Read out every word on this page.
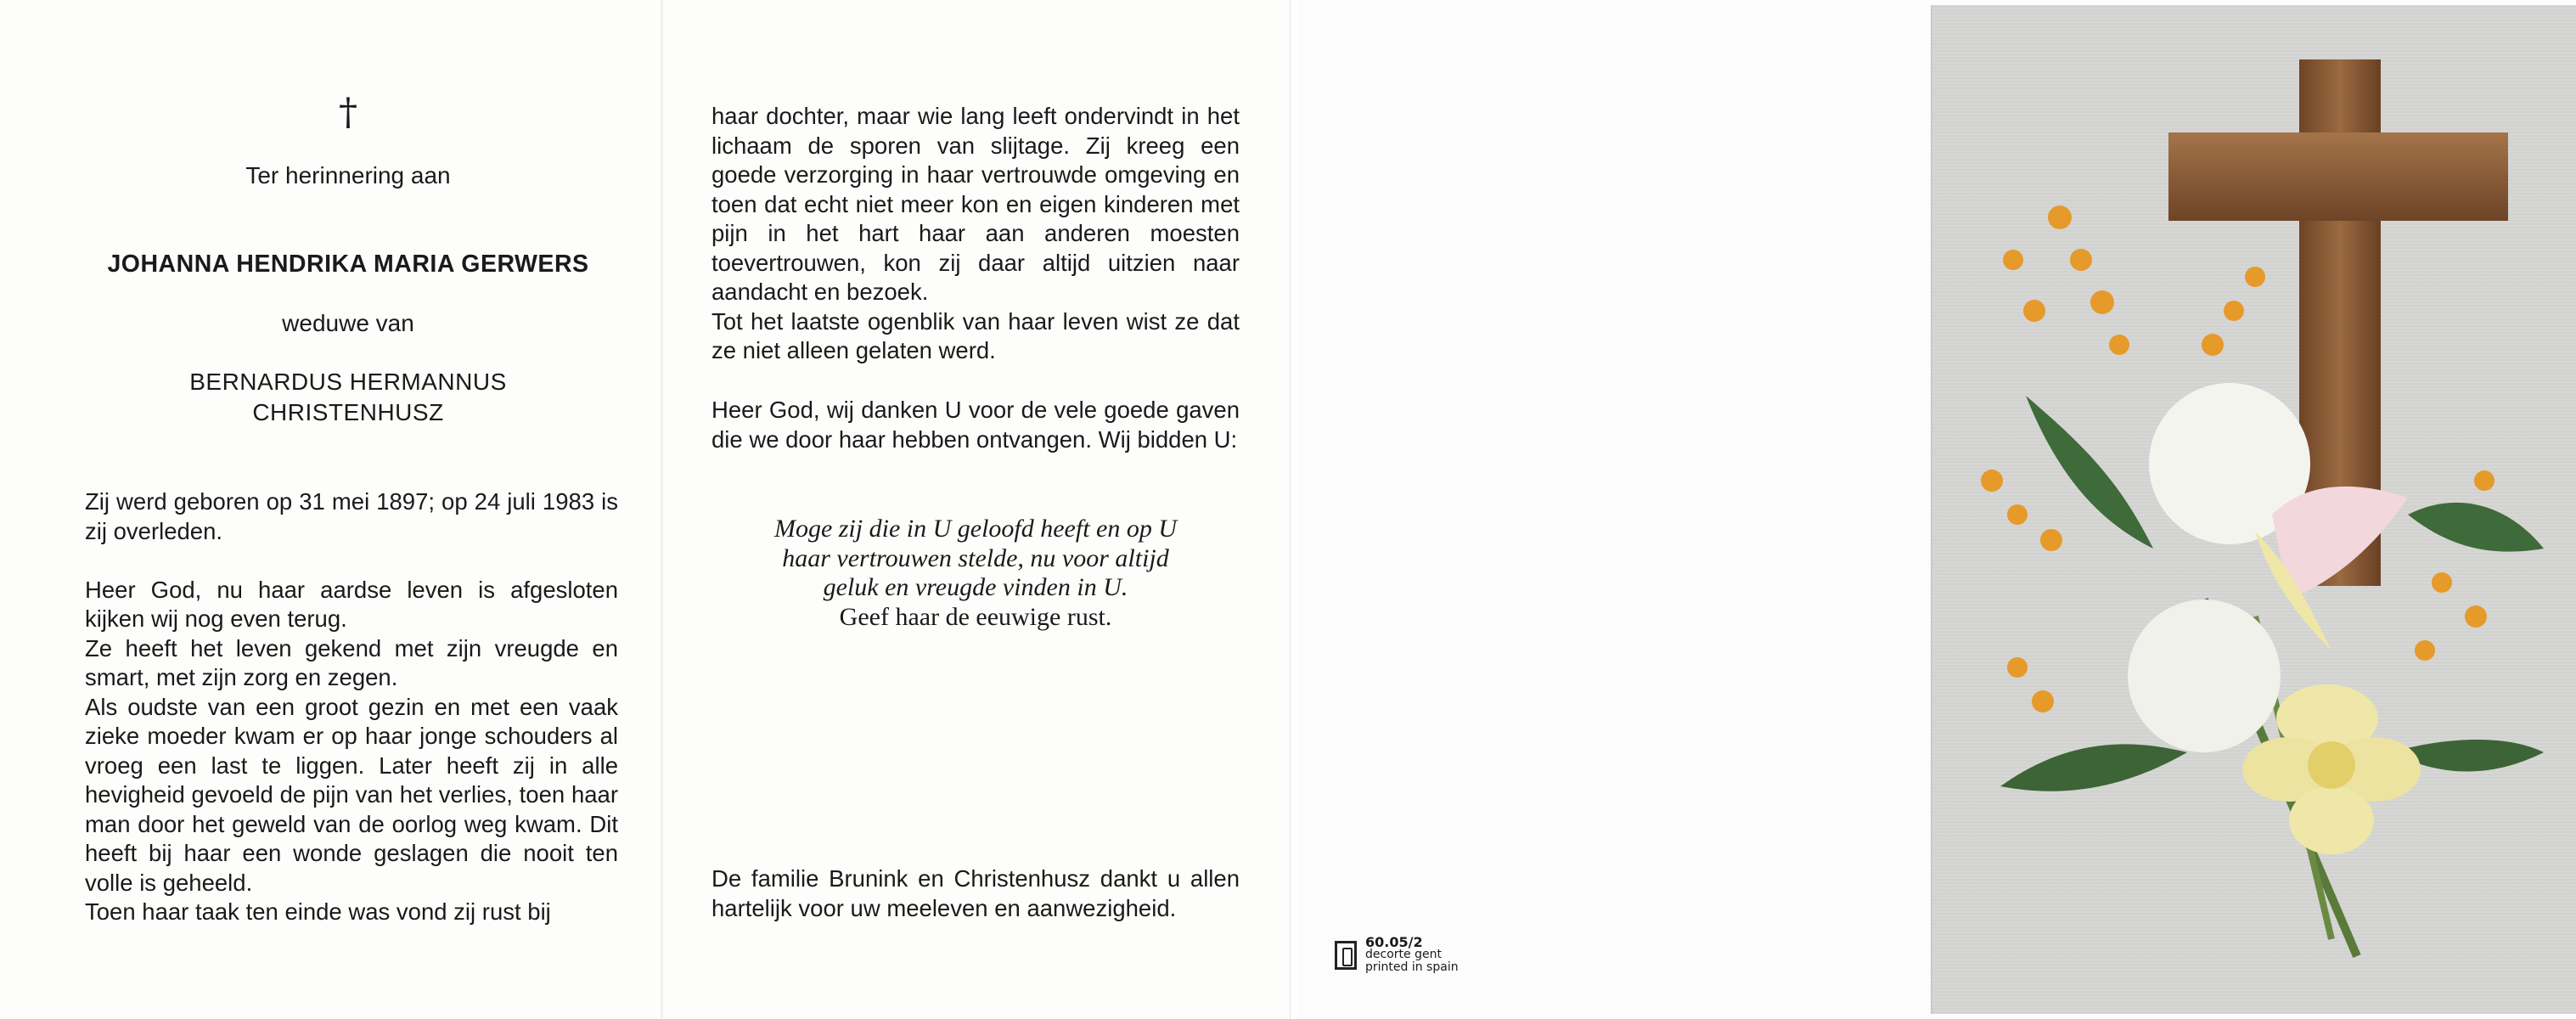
†

Ter herinnering aan

JOHANNA HENDRIKA MARIA GERWERS

weduwe van

BERNARDUS HERMANNUS
CHRISTENHUSZ

Zij werd geboren op 31 mei 1897; op 24 juli 1983 is zij overleden.

Heer God, nu haar aardse leven is afgesloten kijken wij nog even terug.

Ze heeft het leven gekend met zijn vreugde en smart, met zijn zorg en zegen.

Als oudste van een groot gezin en met een vaak zieke moeder kwam er op haar jonge schouders al vroeg een last te liggen. Later heeft zij in alle hevigheid gevoeld de pijn van het verlies, toen haar man door het geweld van de oorlog weg kwam. Dit heeft bij haar een wonde geslagen die nooit ten volle is geheeld.

Toen haar taak ten einde was vond zij rust bij

haar dochter, maar wie lang leeft ondervindt in het lichaam de sporen van slijtage. Zij kreeg een goede verzorging in haar vertrouwde omgeving en toen dat echt niet meer kon en eigen kinderen met pijn in het hart haar aan anderen moesten toevertrouwen, kon zij daar altijd uitzien naar aandacht en bezoek.

Tot het laatste ogenblik van haar leven wist ze dat ze niet alleen gelaten werd.

Heer God, wij danken U voor de vele goede gaven die we door haar hebben ontvangen. Wij bidden U:

Moge zij die in U geloofd heeft en op U
haar vertrouwen stelde, nu voor altijd
geluk en vreugde vinden in U.
Geef haar de eeuwige rust.

De familie Brunink en Christenhusz dankt u allen hartelijk voor uw meeleven en aanwezigheid.

60.05/2
decorte gent
printed in spain
